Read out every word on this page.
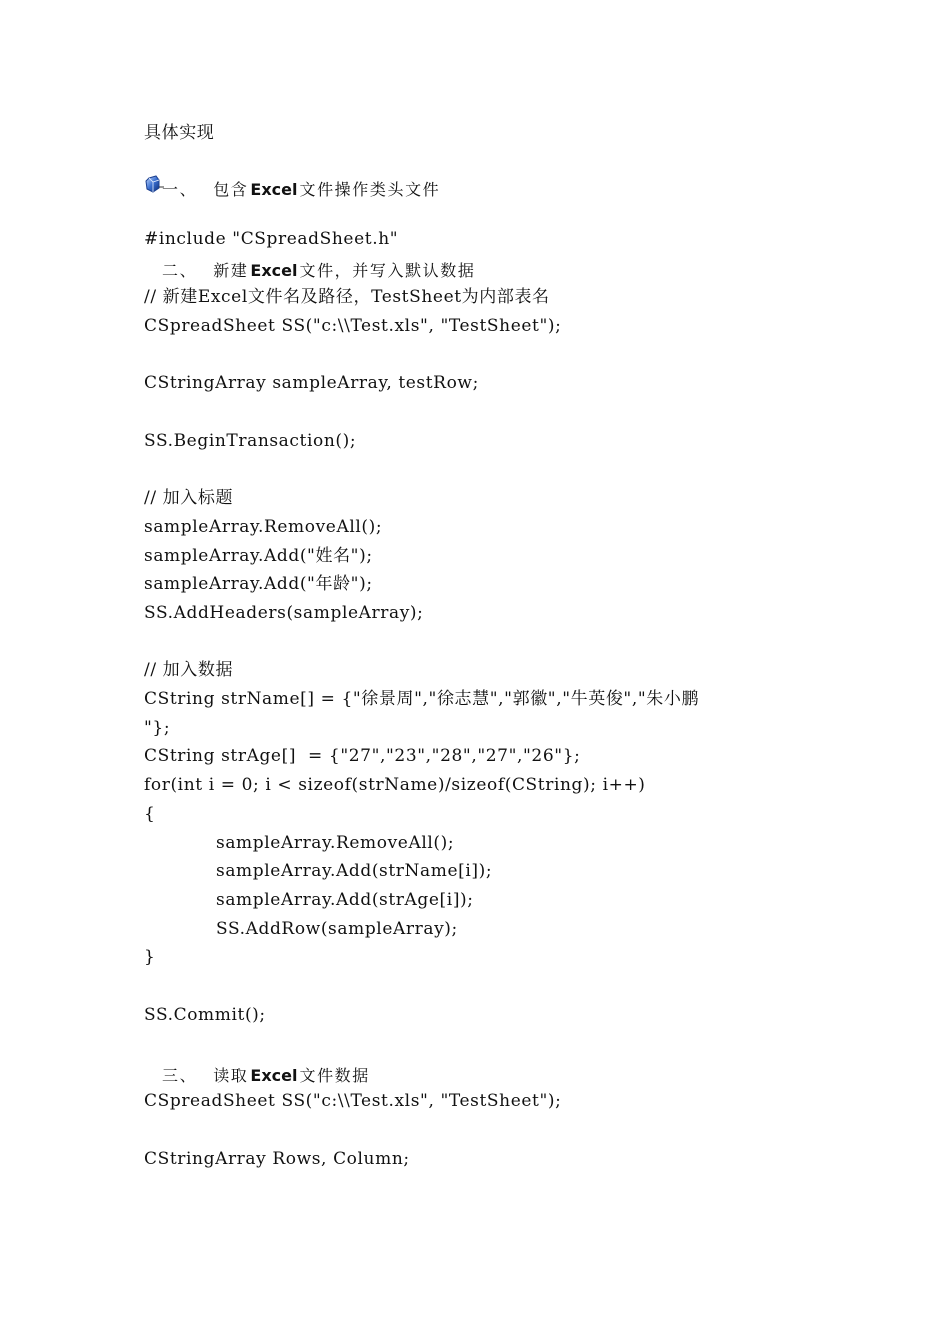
具体实现
一、 包含 Excel 文件操作类头文件
#include "CSpreadSheet.h"
二、 新建 Excel 文件，并写入默认数据
// 新建Excel文件名及路径，TestSheet为内部表名
CSpreadSheet SS("c:\\Test.xls", "TestSheet");
CStringArray sampleArray, testRow;
SS.BeginTransaction();
// 加入标题
sampleArray.RemoveAll();
sampleArray.Add("姓名");
sampleArray.Add("年龄");
SS.AddHeaders(sampleArray);
// 加入数据
CString strName[] = {"徐景周","徐志慧","郭徽","牛英俊","朱小鹏
"};
CString strAge[]  = {"27","23","28","27","26"};
for(int i = 0; i < sizeof(strName)/sizeof(CString); i++)
{
sampleArray.RemoveAll();
sampleArray.Add(strName[i]);
sampleArray.Add(strAge[i]);
SS.AddRow(sampleArray);
}
SS.Commit();
三、 读取 Excel 文件数据
CSpreadSheet SS("c:\\Test.xls", "TestSheet");
CStringArray Rows, Column;
